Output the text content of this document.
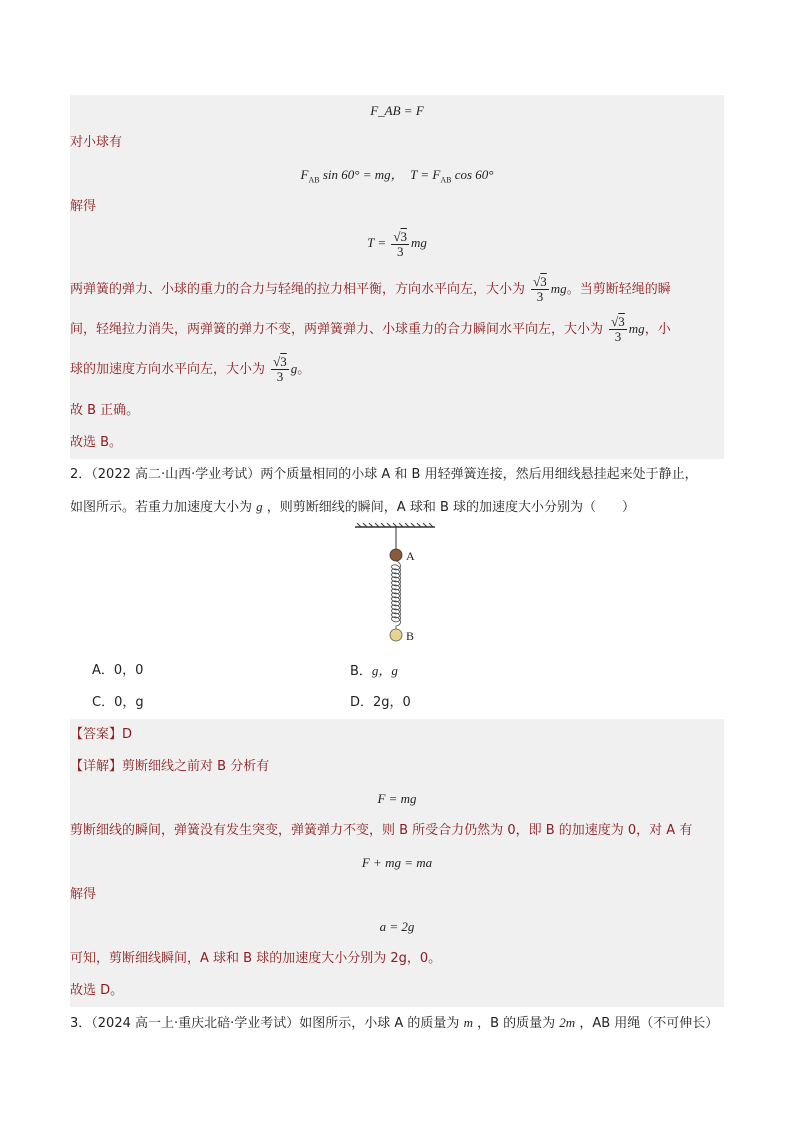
F_AB = F
对小球有
$F_{AB}$ sin 60° = mg，  $T = F_{AB}$ cos 60°
解得
$T = \frac{√3}{3}$ mg
两弹簧的弹力、小球的重力的合力与轻绳的拉力相平衡，方向水平向左，大小为 $\frac{√3}{3}$ mg。当剪断轻绳的瞬
间，轻绳拉力消失，两弹簧的弹力不变，两弹簧弹力、小球重力的合力瞬间水平向左，大小为 $\frac{√3}{3}$ mg，小
球的加速度方向水平向左，大小为 $\frac{√3}{3}$ g。
故 B 正确。
故选 B。
2．（2022 高二·山西·学业考试）两个质量相同的小球 A 和 B 用轻弹簧连接，然后用细线悬挂起来处于静止，
如图所示。若重力加速度大小为 g ，则剪断细线的瞬间，A 球和 B 球的加速度大小分别为（　　）
A
B
A．0，0	B．g，g
C．0，g	D．2g，0
【答案】D
【详解】剪断细线之前对 B 分析有
F = mg
剪断细线的瞬间，弹簧没有发生突变，弹簧弹力不变，则 B 所受合力仍然为 0，即 B 的加速度为 0，对 A 有
F + mg = ma
解得
a = 2g
可知，剪断细线瞬间，A 球和 B 球的加速度大小分别为 2g，0。
故选 D。
3．（2024 高一上·重庆北碚·学业考试）如图所示，小球 A 的质量为 m ，B 的质量为 2m ，AB 用绳（不可伸长）
